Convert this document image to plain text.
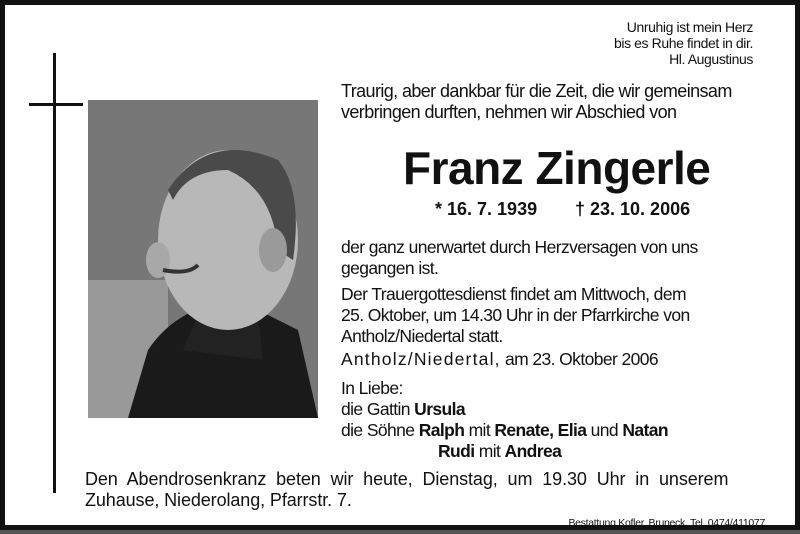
Unruhig ist mein Herz
bis es Ruhe findet in dir.
Hl. Augustinus
Traurig, aber dankbar für die Zeit, die wir gemeinsam
verbringen durften, nehmen wir Abschied von
Franz Zingerle
* 16. 7. 1939 † 23. 10. 2006
der ganz unerwartet durch Herzversagen von uns
gegangen ist.
Der Trauergottesdienst findet am Mittwoch, dem
25. Oktober, um 14.30 Uhr in der Pfarrkirche von
Antholz/Niedertal statt.
Antholz/Niedertal, am 23. Oktober 2006
In Liebe:
die Gattin Ursula
die Söhne Ralph mit Renate, Elia und Natan
Rudi mit Andrea
Den Abendrosenkranz beten wir heute, Dienstag, um 19.30 Uhr in unserem
Zuhause, Niederolang, Pfarrstr. 7.
Bestattung Kofler, Bruneck, Tel. 0474/411077
